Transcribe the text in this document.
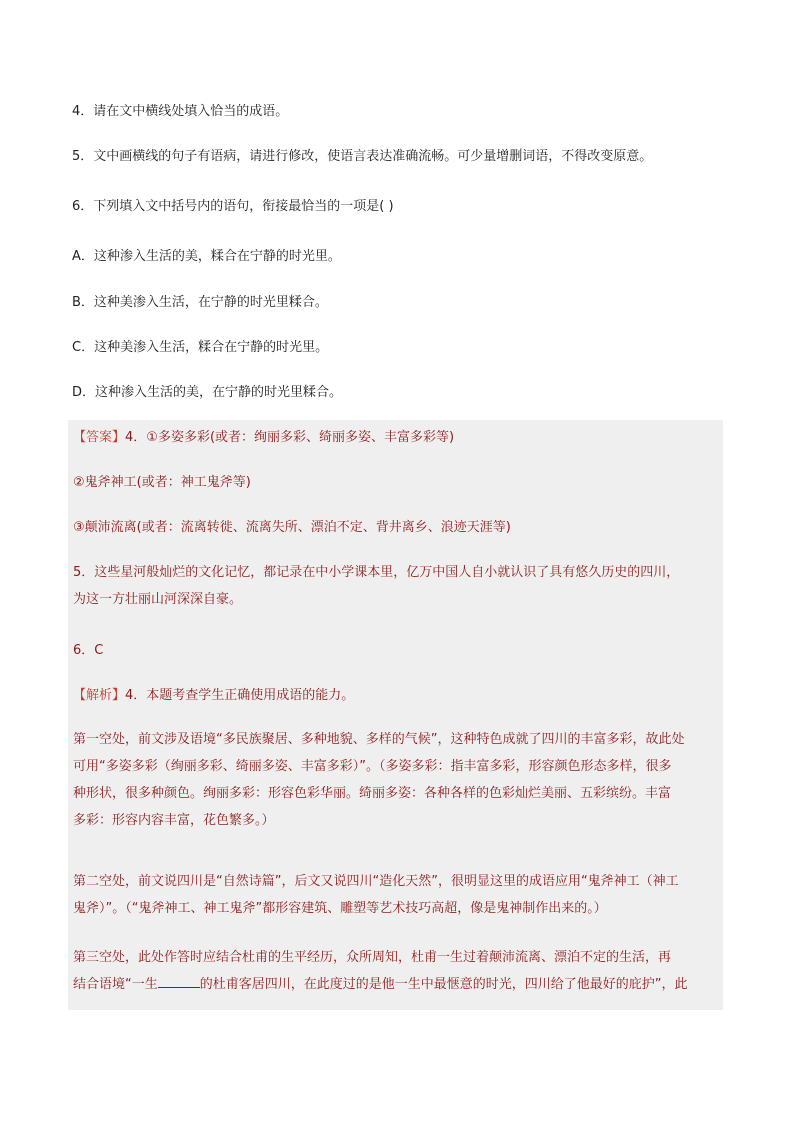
4．请在文中横线处填入恰当的成语。
5．文中画横线的句子有语病，请进行修改，使语言表达准确流畅。可少量增删词语，不得改变原意。
6．下列填入文中括号内的语句，衔接最恰当的一项是( )
A．这种渗入生活的美，糅合在宁静的时光里。
B．这种美渗入生活，在宁静的时光里糅合。
C．这种美渗入生活，糅合在宁静的时光里。
D．这种渗入生活的美，在宁静的时光里糅合。
【答案】4．①多姿多彩(或者：绚丽多彩、绮丽多姿、丰富多彩等)
②鬼斧神工(或者：神工鬼斧等)
③颠沛流离(或者：流离转徙、流离失所、漂泊不定、背井离乡、浪迹天涯等)
5．这些星河般灿烂的文化记忆，都记录在中小学课本里，亿万中国人自小就认识了具有悠久历史的四川，
为这一方壮丽山河深深自豪。
6．C
【解析】4．本题考查学生正确使用成语的能力。
第一空处，前文涉及语境“多民族聚居、多种地貌、多样的气候”，这种特色成就了四川的丰富多彩，故此处
可用“多姿多彩（绚丽多彩、绮丽多姿、丰富多彩）”。（多姿多彩：指丰富多彩，形容颜色形态多样，很多
种形状，很多种颜色。绚丽多彩：形容色彩华丽。绮丽多姿：各种各样的色彩灿烂美丽、五彩缤纷。丰富
多彩：形容内容丰富，花色繁多。）
第二空处，前文说四川是“自然诗篇”，后文又说四川“造化天然”，很明显这里的成语应用“鬼斧神工（神工
鬼斧）”。（“鬼斧神工、神工鬼斧”都形容建筑、雕塑等艺术技巧高超，像是鬼神制作出来的。）
第三空处，此处作答时应结合杜甫的生平经历，众所周知，杜甫一生过着颠沛流离、漂泊不定的生活，再
结合语境“一生	的杜甫客居四川，在此度过的是他一生中最惬意的时光，四川给了他最好的庇护”，此
